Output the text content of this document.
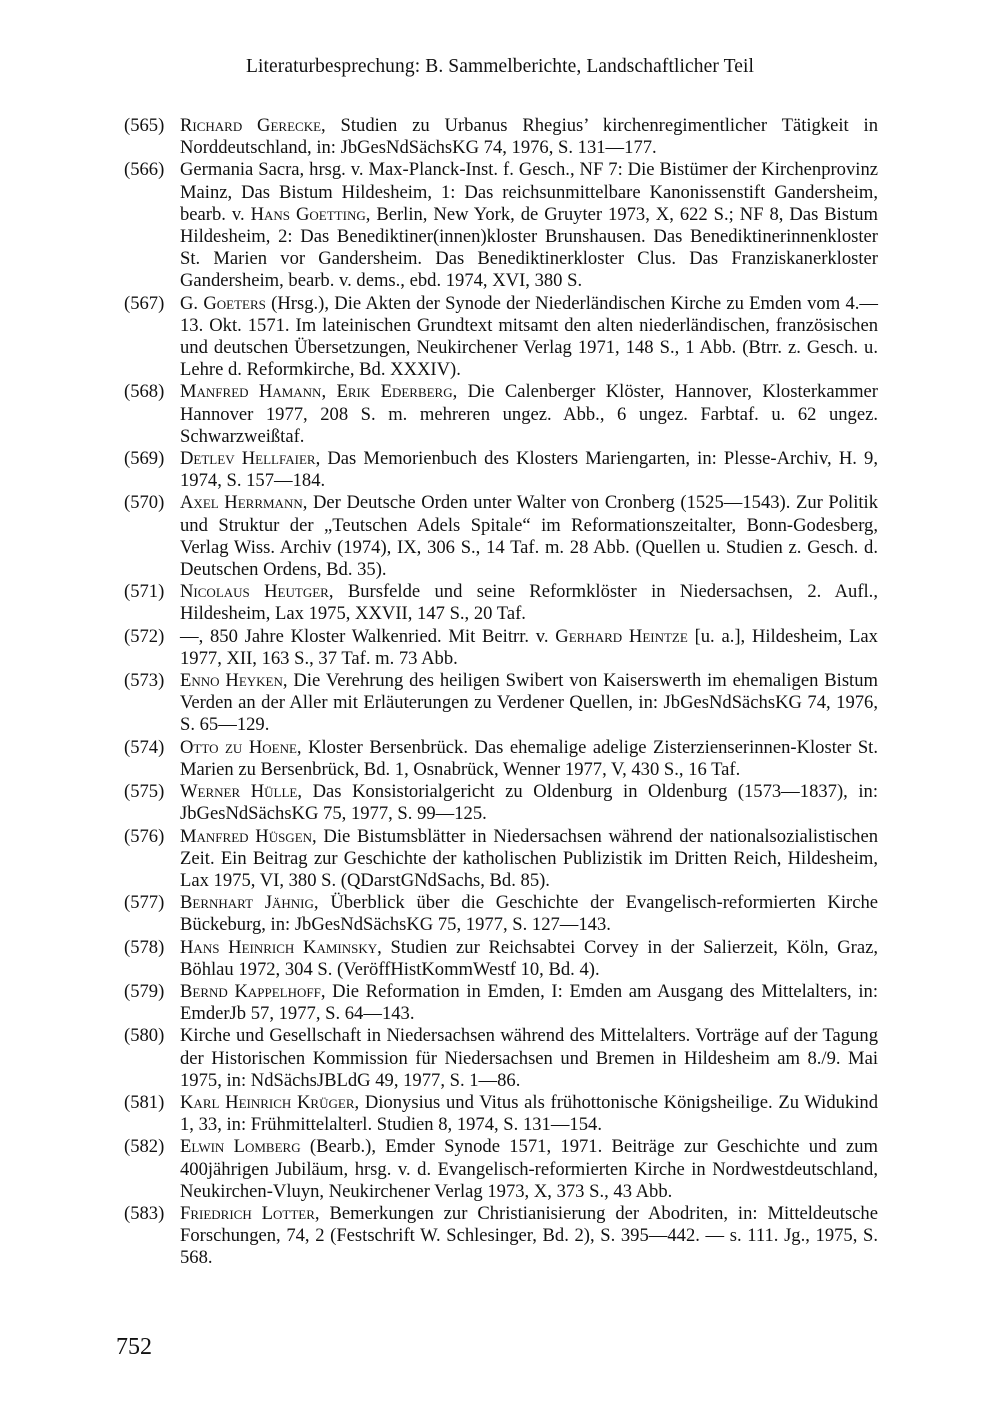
Literaturbesprechung: B. Sammelberichte, Landschaftlicher Teil
(565) Richard Gerecke, Studien zu Urbanus Rhegius’ kirchenregimentlicher Tätigkeit in Norddeutschland, in: JbGesNdSächsKG 74, 1976, S. 131—177.
(566) Germania Sacra, hrsg. v. Max-Planck-Inst. f. Gesch., NF 7: Die Bistümer der Kirchenprovinz Mainz, Das Bistum Hildesheim, 1: Das reichsunmittelbare Kanonissenstift Gandersheim, bearb. v. Hans Goetting, Berlin, New York, de Gruyter 1973, X, 622 S.; NF 8, Das Bistum Hildesheim, 2: Das Benediktiner(innen)kloster Brunshausen. Das Benediktinerinnenkloster St. Marien vor Gandersheim. Das Benediktinerkloster Clus. Das Franziskanerkloster Gandersheim, bearb. v. dems., ebd. 1974, XVI, 380 S.
(567) G. Goeters (Hrsg.), Die Akten der Synode der Niederländischen Kirche zu Emden vom 4.—13. Okt. 1571. Im lateinischen Grundtext mitsamt den alten niederländischen, französischen und deutschen Übersetzungen, Neukirchener Verlag 1971, 148 S., 1 Abb. (Btrr. z. Gesch. u. Lehre d. Reformkirche, Bd. XXXIV).
(568) Manfred Hamann, Erik Ederberg, Die Calenberger Klöster, Hannover, Klosterkammer Hannover 1977, 208 S. m. mehreren ungez. Abb., 6 ungez. Farbtaf. u. 62 ungez. Schwarzweißtaf.
(569) Detlev Hellfaier, Das Memorienbuch des Klosters Mariengarten, in: Plesse-Archiv, H. 9, 1974, S. 157—184.
(570) Axel Herrmann, Der Deutsche Orden unter Walter von Cronberg (1525—1543). Zur Politik und Struktur der „Teutschen Adels Spitale“ im Reformationszeitalter, Bonn-Godesberg, Verlag Wiss. Archiv (1974), IX, 306 S., 14 Taf. m. 28 Abb. (Quellen u. Studien z. Gesch. d. Deutschen Ordens, Bd. 35).
(571) Nicolaus Heutger, Bursfelde und seine Reformklöster in Niedersachsen, 2. Aufl., Hildesheim, Lax 1975, XXVII, 147 S., 20 Taf.
(572) —, 850 Jahre Kloster Walkenried. Mit Beitrr. v. Gerhard Heintze [u. a.], Hildesheim, Lax 1977, XII, 163 S., 37 Taf. m. 73 Abb.
(573) Enno Heyken, Die Verehrung des heiligen Swibert von Kaiserswerth im ehemaligen Bistum Verden an der Aller mit Erläuterungen zu Verdener Quellen, in: JbGesNdSächsKG 74, 1976, S. 65—129.
(574) Otto zu Hoene, Kloster Bersenbrück. Das ehemalige adelige Zisterzienserinnen-Kloster St. Marien zu Bersenbrück, Bd. 1, Osnabrück, Wenner 1977, V, 430 S., 16 Taf.
(575) Werner Hülle, Das Konsistorialgericht zu Oldenburg in Oldenburg (1573—1837), in: JbGesNdSächsKG 75, 1977, S. 99—125.
(576) Manfred Hüsgen, Die Bistumsblätter in Niedersachsen während der nationalsozialistischen Zeit. Ein Beitrag zur Geschichte der katholischen Publizistik im Dritten Reich, Hildesheim, Lax 1975, VI, 380 S. (QDarstGNdSachs, Bd. 85).
(577) Bernhart Jähnig, Überblick über die Geschichte der Evangelisch-reformierten Kirche Bückeburg, in: JbGesNdSächsKG 75, 1977, S. 127—143.
(578) Hans Heinrich Kaminsky, Studien zur Reichsabtei Corvey in der Salierzeit, Köln, Graz, Böhlau 1972, 304 S. (VeröffHistKommWestf 10, Bd. 4).
(579) Bernd Kappelhoff, Die Reformation in Emden, I: Emden am Ausgang des Mittelalters, in: EmderJb 57, 1977, S. 64—143.
(580) Kirche und Gesellschaft in Niedersachsen während des Mittelalters. Vorträge auf der Tagung der Historischen Kommission für Niedersachsen und Bremen in Hildesheim am 8./9. Mai 1975, in: NdSächsJBLdG 49, 1977, S. 1—86.
(581) Karl Heinrich Krüger, Dionysius und Vitus als frühottonische Königsheilige. Zu Widukind 1, 33, in: Frühmittelalterl. Studien 8, 1974, S. 131—154.
(582) Elwin Lomberg (Bearb.), Emder Synode 1571, 1971. Beiträge zur Geschichte und zum 400jährigen Jubiläum, hrsg. v. d. Evangelisch-reformierten Kirche in Nordwestdeutschland, Neukirchen-Vluyn, Neukirchener Verlag 1973, X, 373 S., 43 Abb.
(583) Friedrich Lotter, Bemerkungen zur Christianisierung der Abodriten, in: Mitteldeutsche Forschungen, 74, 2 (Festschrift W. Schlesinger, Bd. 2), S. 395—442. — s. 111. Jg., 1975, S. 568.
752
